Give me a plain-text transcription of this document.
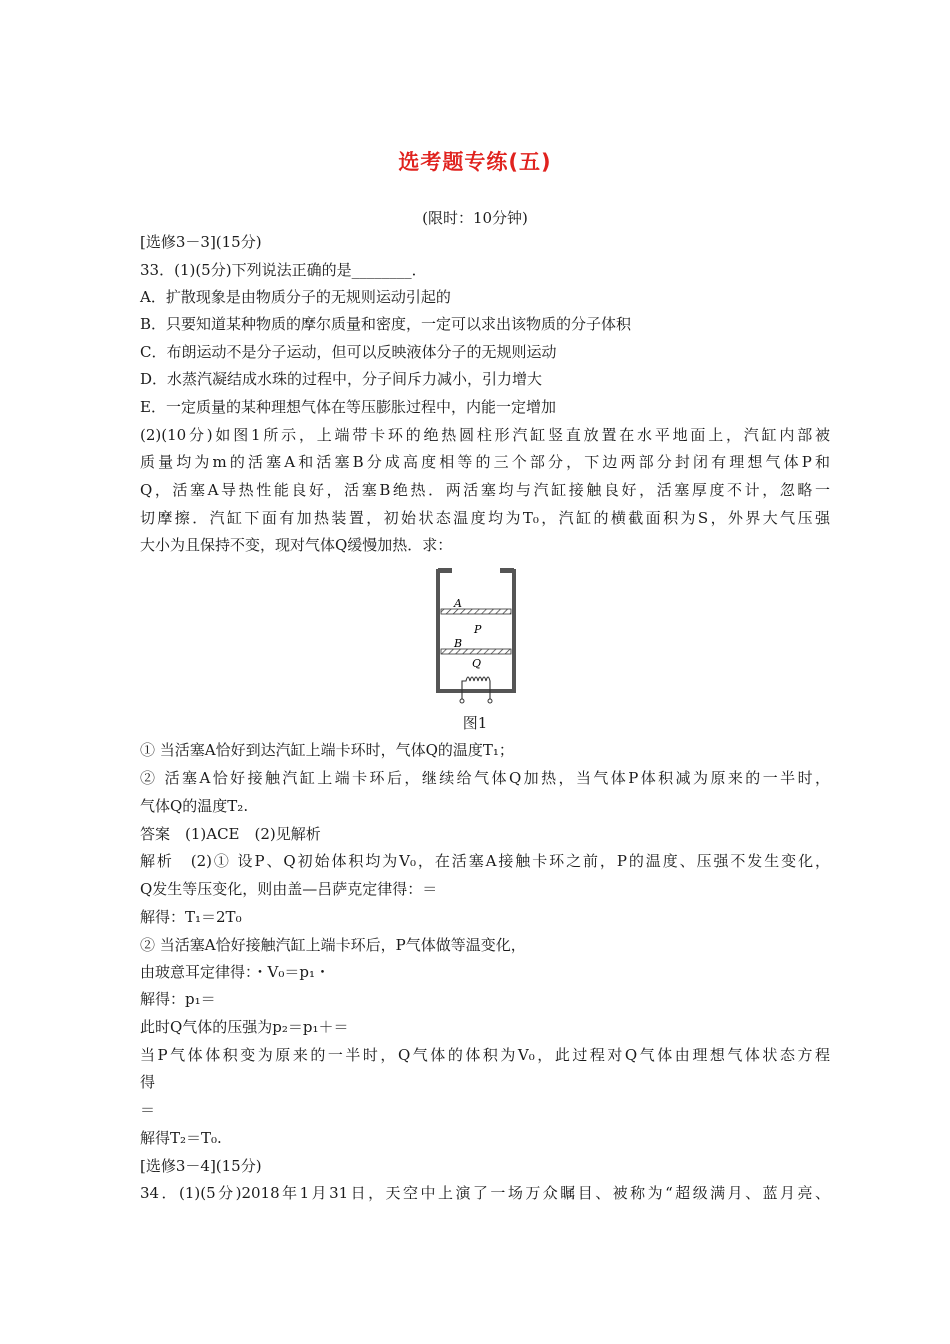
选考题专练(五)
(限时：10分钟)
[选修3－3](15分)
33．(1)(5分)下列说法正确的是________．
A．扩散现象是由物质分子的无规则运动引起的
B．只要知道某种物质的摩尔质量和密度，一定可以求出该物质的分子体积
C．布朗运动不是分子运动，但可以反映液体分子的无规则运动
D．水蒸汽凝结成水珠的过程中，分子间斥力减小，引力增大
E．一定质量的某种理想气体在等压膨胀过程中，内能一定增加
(2)(10分)如图1所示，上端带卡环的绝热圆柱形汽缸竖直放置在水平地面上，汽缸内部被
质量均为m的活塞A和活塞B分成高度相等的三个部分，下边两部分封闭有理想气体P和
Q，活塞A导热性能良好，活塞B绝热．两活塞均与汽缸接触良好，活塞厚度不计，忽略一
切摩擦．汽缸下面有加热装置，初始状态温度均为T₀，汽缸的横截面积为S，外界大气压强
大小为且保持不变，现对气体Q缓慢加热．求：
A
P
B
Q
图1
① 当活塞A恰好到达汽缸上端卡环时，气体Q的温度T₁；
② 活塞A恰好接触汽缸上端卡环后，继续给气体Q加热，当气体P体积减为原来的一半时，
气体Q的温度T₂.
答案　(1)ACE　(2)见解析
解析　(2)① 设P、Q初始体积均为V₀，在活塞A接触卡环之前，P的温度、压强不发生变化，
Q发生等压变化，则由盖—吕萨克定律得：＝
解得：T₁＝2T₀
② 当活塞A恰好接触汽缸上端卡环后，P气体做等温变化，
由玻意耳定律得：・V₀＝p₁・
解得：p₁＝
此时Q气体的压强为p₂＝p₁＋＝
当P气体体积变为原来的一半时，Q气体的体积为V₀，此过程对Q气体由理想气体状态方程
得
＝
解得T₂＝T₀.
[选修3－4](15分)
34．(1)(5分)2018年1月31日，天空中上演了一场万众瞩目、被称为“超级满月、蓝月亮、
